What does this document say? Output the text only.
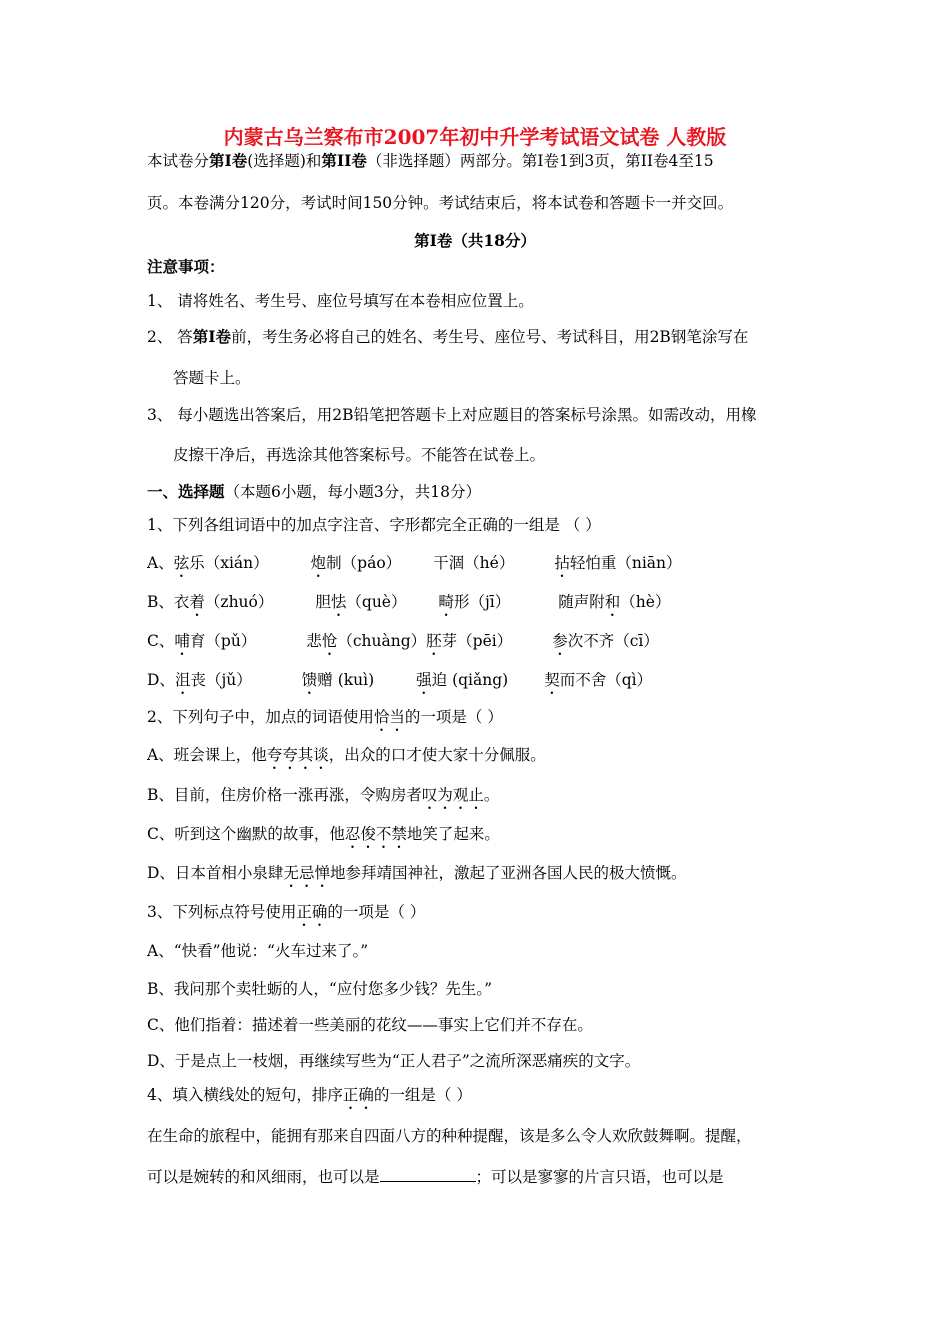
内蒙古乌兰察布市2007年初中升学考试语文试卷 人教版
本试卷分第I卷(选择题)和第II卷（非选择题）两部分。第I卷1到3页，第II卷4至15
页。本卷满分120分，考试时间150分钟。考试结束后，将本试卷和答题卡一并交回。
第I卷（共18分）
注意事项：
1、 请将姓名、考生号、座位号填写在本卷相应位置上。
2、 答第I卷前，考生务必将自己的姓名、考生号、座位号、考试科目，用2B钢笔涂写在
答题卡上。
3、 每小题选出答案后，用2B铅笔把答题卡上对应题目的答案标号涂黑。如需改动，用橡
皮擦干净后，再选涂其他答案标号。不能答在试卷上。
一、选择题（本题6小题，每小题3分，共18分）
1、下列各组词语中的加点字注音、字形都完全正确的一组是 （ ）
A、弦乐（xián）	炮制（páo） 干涸（hé）	拈轻怕重（niān）
B、衣着（zhuó）	胆怯（què） 畸形（jī）	随声附和（hè）
C、哺育（pǔ）	悲怆（chuàng）胚芽（pēi）	参次不齐（cī）
D、沮丧（jǔ）	馈赠 (kuì)	强迫 (qiǎng) 契而不舍（qì）
2、下列句子中，加点的词语使用恰当的一项是（ ）
A、班会课上，他夸夸其谈，出众的口才使大家十分佩服。
B、目前，住房价格一涨再涨，令购房者叹为观止。
C、听到这个幽默的故事，他忍俊不禁地笑了起来。
D、日本首相小泉肆无忌惮地参拜靖国神社，激起了亚洲各国人民的极大愤慨。
3、下列标点符号使用正确的一项是（ ）
A、“快看”他说：“火车过来了。”
B、我问那个卖牡蛎的人，“应付您多少钱？先生。”
C、他们指着：描述着一些美丽的花纹——事实上它们并不存在。
D、于是点上一枝烟，再继续写些为“正人君子”之流所深恶痛疾的文字。
4、填入横线处的短句，排序正确的一组是（ ）
在生命的旅程中，能拥有那来自四面八方的种种提醒，该是多么令人欢欣鼓舞啊。提醒，
可以是婉转的和风细雨，也可以是	；可以是寥寥的片言只语，也可以是
